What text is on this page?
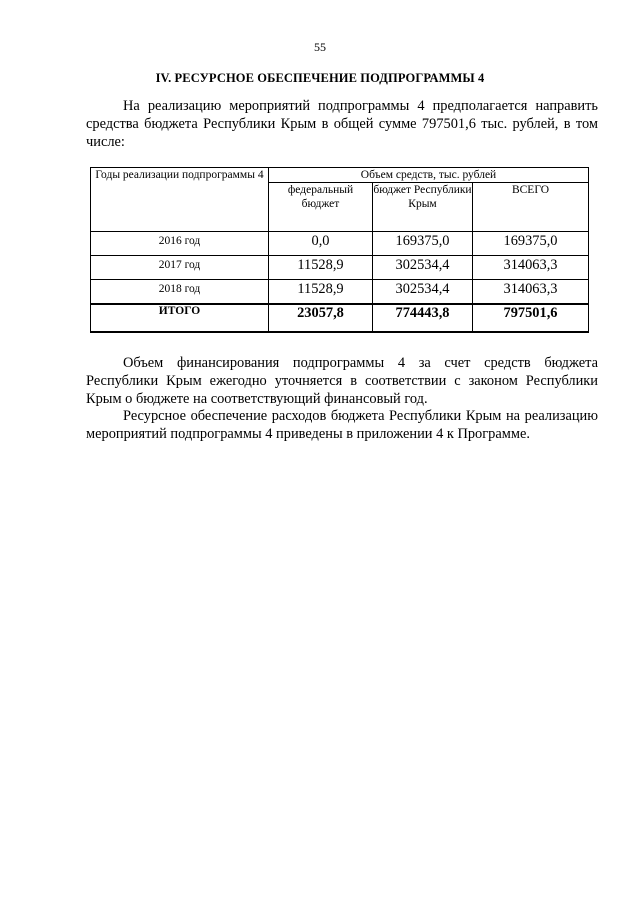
55
IV. РЕСУРСНОЕ ОБЕСПЕЧЕНИЕ ПОДПРОГРАММЫ 4

На реализацию мероприятий подпрограммы 4 предполагается направить средства бюджета Республики Крым в общей сумме 797501,6 тыс. рублей, в том числе:

Годы реализации подпрограммы 4	Объем средств, тыс. рублей		
	федеральный бюджет	бюджет Республики Крым	ВСЕГО
2016 год	0,0	169375,0	169375,0
2017 год	11528,9	302534,4	314063,3
2018 год	11528,9	302534,4	314063,3
ИТОГО	23057,8	774443,8	797501,6

Объем финансирования подпрограммы 4 за счет средств бюджета Республики Крым ежегодно уточняется в соответствии с законом Республики Крым о бюджете на соответствующий финансовый год.

Ресурсное обеспечение расходов бюджета Республики Крым на реализацию мероприятий подпрограммы 4 приведены в приложении 4 к Программе.
